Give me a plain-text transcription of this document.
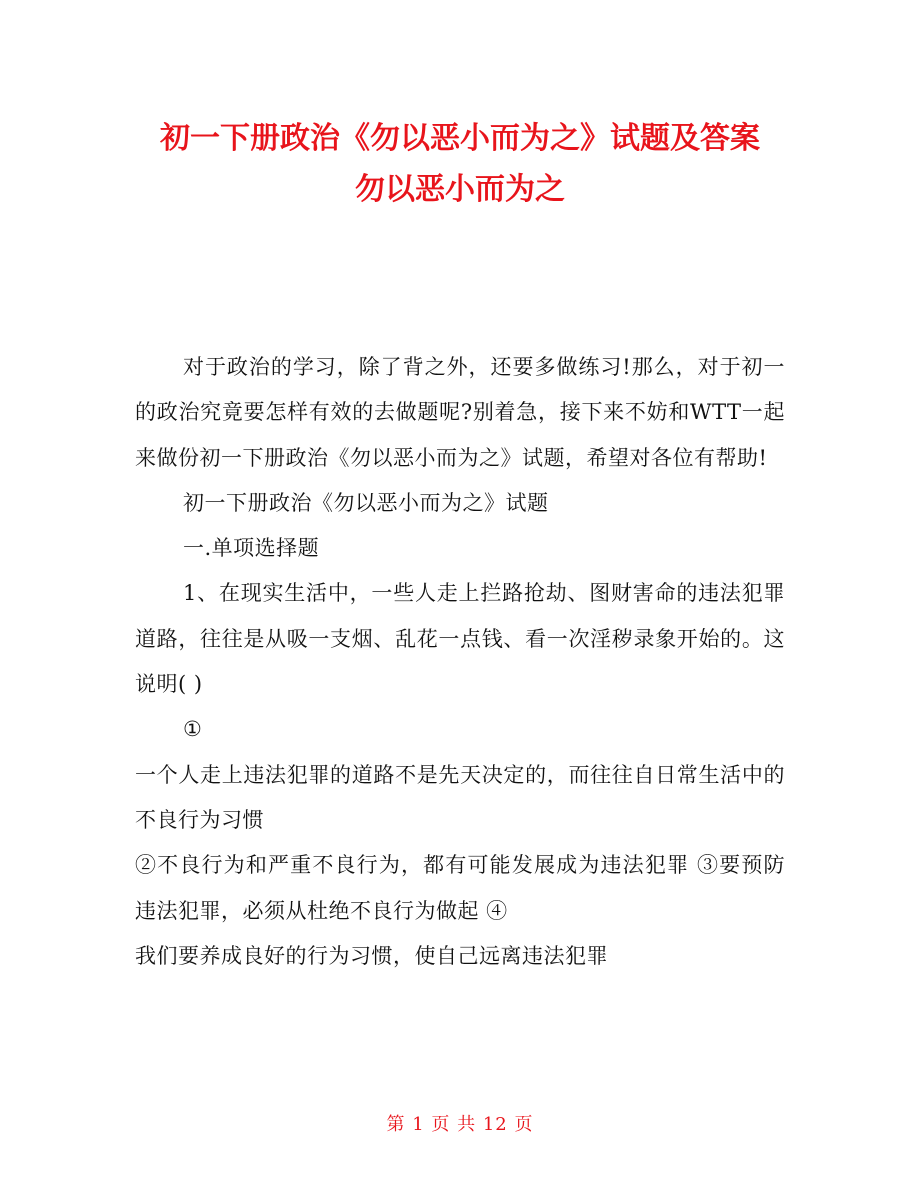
初一下册政治《勿以恶小而为之》试题及答案
勿以恶小而为之

对于政治的学习，除了背之外，还要多做练习!那么，对于初一的政治究竟要怎样有效的去做题呢?别着急，接下来不妨和WTT一起来做份初一下册政治《勿以恶小而为之》试题，希望对各位有帮助!

初一下册政治《勿以恶小而为之》试题

一.单项选择题

1、在现实生活中，一些人走上拦路抢劫、图财害命的违法犯罪道路，往往是从吸一支烟、乱花一点钱、看一次淫秽录象开始的。这说明( )

①

一个人走上违法犯罪的道路不是先天决定的，而往往自日常生活中的不良行为习惯

②不良行为和严重不良行为，都有可能发展成为违法犯罪 ③要预防违法犯罪，必须从杜绝不良行为做起 ④

我们要养成良好的行为习惯，使自己远离违法犯罪

第 1 页 共 12 页
